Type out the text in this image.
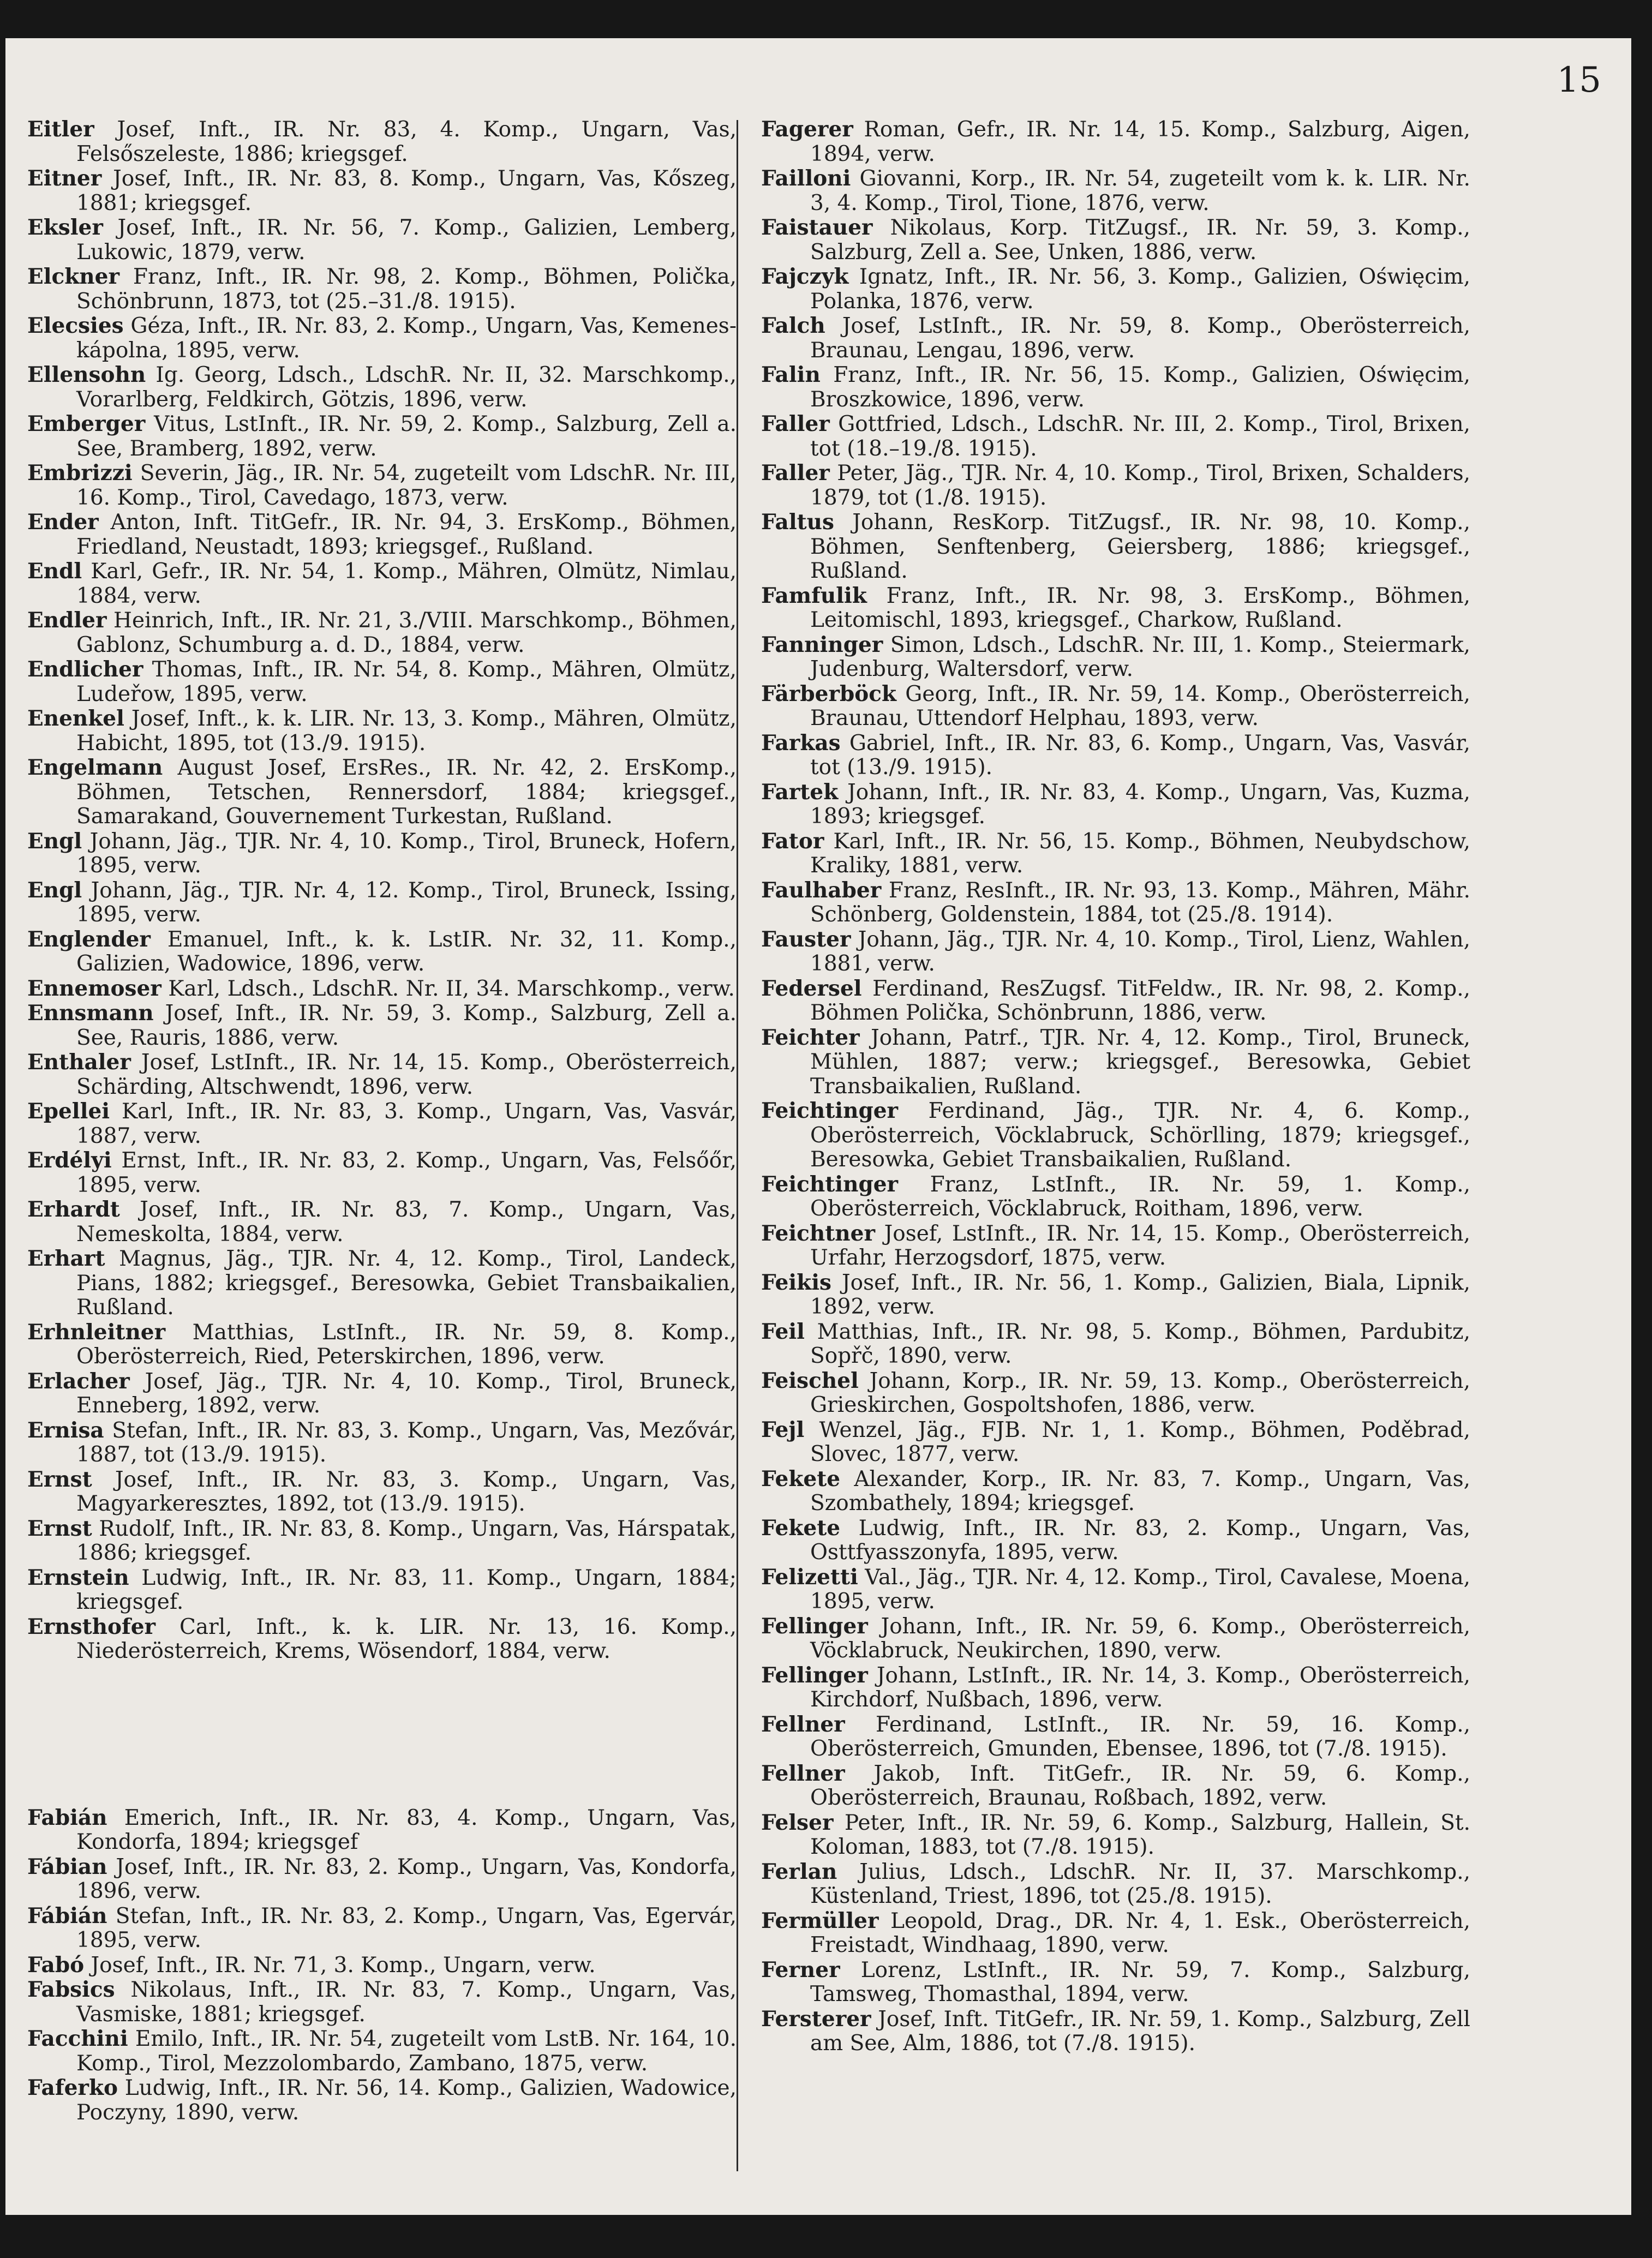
15
Eitler Josef, Inft., IR. Nr. 83, 4. Komp., Ungarn, Vas, Felsőszeleste, 1886; kriegsgef.
Eitner Josef, Inft., IR. Nr. 83, 8. Komp., Ungarn, Vas, Kőszeg, 1881; kriegsgef.
Eksler Josef, Inft., IR. Nr. 56, 7. Komp., Galizien, Lemberg, Lukowic, 1879, verw.
Elckner Franz, Inft., IR. Nr. 98, 2. Komp., Böhmen, Polička, Schönbrunn, 1873, tot (25.–31./8. 1915).
Elecsies Géza, Inft., IR. Nr. 83, 2. Komp., Ungarn, Vas, Kemenes-kápolna, 1895, verw.
Ellensohn Ig. Georg, Ldsch., LdschR. Nr. II, 32. Marschkomp., Vorarlberg, Feldkirch, Götzis, 1896, verw.
Emberger Vitus, LstInft., IR. Nr. 59, 2. Komp., Salzburg, Zell a. See, Bramberg, 1892, verw.
Embrizzi Severin, Jäg., IR. Nr. 54, zugeteilt vom LdschR. Nr. III, 16. Komp., Tirol, Cavedago, 1873, verw.
Ender Anton, Inft. TitGefr., IR. Nr. 94, 3. ErsKomp., Böhmen, Friedland, Neustadt, 1893; kriegsgef., Rußland.
Endl Karl, Gefr., IR. Nr. 54, 1. Komp., Mähren, Olmütz, Nimlau, 1884, verw.
Endler Heinrich, Inft., IR. Nr. 21, 3./VIII. Marschkomp., Böhmen, Gablonz, Schumburg a. d. D., 1884, verw.
Endlicher Thomas, Inft., IR. Nr. 54, 8. Komp., Mähren, Olmütz, Ludeřow, 1895, verw.
Enenkel Josef, Inft., k. k. LIR. Nr. 13, 3. Komp., Mähren, Olmütz, Habicht, 1895, tot (13./9. 1915).
Engelmann August Josef, ErsRes., IR. Nr. 42, 2. ErsKomp., Böhmen, Tetschen, Rennersdorf, 1884; kriegsgef., Samarakand, Gouvernement Turkestan, Rußland.
Engl Johann, Jäg., TJR. Nr. 4, 10. Komp., Tirol, Bruneck, Hofern, 1895, verw.
Engl Johann, Jäg., TJR. Nr. 4, 12. Komp., Tirol, Bruneck, Issing, 1895, verw.
Englender Emanuel, Inft., k. k. LstIR. Nr. 32, 11. Komp., Galizien, Wadowice, 1896, verw.
Ennemoser Karl, Ldsch., LdschR. Nr. II, 34. Marschkomp., verw.
Ennsmann Josef, Inft., IR. Nr. 59, 3. Komp., Salzburg, Zell a. See, Rauris, 1886, verw.
Enthaler Josef, LstInft., IR. Nr. 14, 15. Komp., Oberösterreich, Schärding, Altschwendt, 1896, verw.
Epellei Karl, Inft., IR. Nr. 83, 3. Komp., Ungarn, Vas, Vasvár, 1887, verw.
Erdélyi Ernst, Inft., IR. Nr. 83, 2. Komp., Ungarn, Vas, Felsőőr, 1895, verw.
Erhardt Josef, Inft., IR. Nr. 83, 7. Komp., Ungarn, Vas, Nemeskolta, 1884, verw.
Erhart Magnus, Jäg., TJR. Nr. 4, 12. Komp., Tirol, Landeck, Pians, 1882; kriegsgef., Beresowka, Gebiet Transbaikalien, Rußland.
Erhnleitner Matthias, LstInft., IR. Nr. 59, 8. Komp., Oberösterreich, Ried, Peterskirchen, 1896, verw.
Erlacher Josef, Jäg., TJR. Nr. 4, 10. Komp., Tirol, Bruneck, Enneberg, 1892, verw.
Ernisa Stefan, Inft., IR. Nr. 83, 3. Komp., Ungarn, Vas, Mezővár, 1887, tot (13./9. 1915).
Ernst Josef, Inft., IR. Nr. 83, 3. Komp., Ungarn, Vas, Magyarkeresztes, 1892, tot (13./9. 1915).
Ernst Rudolf, Inft., IR. Nr. 83, 8. Komp., Ungarn, Vas, Hárspatak, 1886; kriegsgef.
Ernstein Ludwig, Inft., IR. Nr. 83, 11. Komp., Ungarn, 1884; kriegsgef.
Ernsthofer Carl, Inft., k. k. LIR. Nr. 13, 16. Komp., Niederösterreich, Krems, Wösendorf, 1884, verw.
Fabián Emerich, Inft., IR. Nr. 83, 4. Komp., Ungarn, Vas, Kondorfa, 1894; kriegsgef
Fábian Josef, Inft., IR. Nr. 83, 2. Komp., Ungarn, Vas, Kondorfa, 1896, verw.
Fábián Stefan, Inft., IR. Nr. 83, 2. Komp., Ungarn, Vas, Egervár, 1895, verw.
Fabó Josef, Inft., IR. Nr. 71, 3. Komp., Ungarn, verw.
Fabsics Nikolaus, Inft., IR. Nr. 83, 7. Komp., Ungarn, Vas, Vasmiske, 1881; kriegsgef.
Facchini Emilo, Inft., IR. Nr. 54, zugeteilt vom LstB. Nr. 164, 10. Komp., Tirol, Mezzolombardo, Zambano, 1875, verw.
Faferko Ludwig, Inft., IR. Nr. 56, 14. Komp., Galizien, Wadowice, Poczyny, 1890, verw.
Fagerer Roman, Gefr., IR. Nr. 14, 15. Komp., Salzburg, Aigen, 1894, verw.
Failloni Giovanni, Korp., IR. Nr. 54, zugeteilt vom k. k. LIR. Nr. 3, 4. Komp., Tirol, Tione, 1876, verw.
Faistauer Nikolaus, Korp. TitZugsf., IR. Nr. 59, 3. Komp., Salzburg, Zell a. See, Unken, 1886, verw.
Fajczyk Ignatz, Inft., IR. Nr. 56, 3. Komp., Galizien, Oświęcim, Polanka, 1876, verw.
Falch Josef, LstInft., IR. Nr. 59, 8. Komp., Oberösterreich, Braunau, Lengau, 1896, verw.
Falin Franz, Inft., IR. Nr. 56, 15. Komp., Galizien, Oświęcim, Broszkowice, 1896, verw.
Faller Gottfried, Ldsch., LdschR. Nr. III, 2. Komp., Tirol, Brixen, tot (18.–19./8. 1915).
Faller Peter, Jäg., TJR. Nr. 4, 10. Komp., Tirol, Brixen, Schalders, 1879, tot (1./8. 1915).
Faltus Johann, ResKorp. TitZugsf., IR. Nr. 98, 10. Komp., Böhmen, Senftenberg, Geiersberg, 1886; kriegsgef., Rußland.
Famfulik Franz, Inft., IR. Nr. 98, 3. ErsKomp., Böhmen, Leitomischl, 1893, kriegsgef., Charkow, Rußland.
Fanninger Simon, Ldsch., LdschR. Nr. III, 1. Komp., Steiermark, Judenburg, Waltersdorf, verw.
Färberböck Georg, Inft., IR. Nr. 59, 14. Komp., Oberösterreich, Braunau, Uttendorf Helphau, 1893, verw.
Farkas Gabriel, Inft., IR. Nr. 83, 6. Komp., Ungarn, Vas, Vasvár, tot (13./9. 1915).
Fartek Johann, Inft., IR. Nr. 83, 4. Komp., Ungarn, Vas, Kuzma, 1893; kriegsgef.
Fator Karl, Inft., IR. Nr. 56, 15. Komp., Böhmen, Neubydschow, Kraliky, 1881, verw.
Faulhaber Franz, ResInft., IR. Nr. 93, 13. Komp., Mähren, Mähr. Schönberg, Goldenstein, 1884, tot (25./8. 1914).
Fauster Johann, Jäg., TJR. Nr. 4, 10. Komp., Tirol, Lienz, Wahlen, 1881, verw.
Federsel Ferdinand, ResZugsf. TitFeldw., IR. Nr. 98, 2. Komp., Böhmen Polička, Schönbrunn, 1886, verw.
Feichter Johann, Patrf., TJR. Nr. 4, 12. Komp., Tirol, Bruneck, Mühlen, 1887; verw.; kriegsgef., Beresowka, Gebiet Transbaikalien, Rußland.
Feichtinger Ferdinand, Jäg., TJR. Nr. 4, 6. Komp., Oberösterreich, Vöcklabruck, Schörlling, 1879; kriegsgef., Beresowka, Gebiet Transbaikalien, Rußland.
Feichtinger Franz, LstInft., IR. Nr. 59, 1. Komp., Oberösterreich, Vöcklabruck, Roitham, 1896, verw.
Feichtner Josef, LstInft., IR. Nr. 14, 15. Komp., Oberösterreich, Urfahr, Herzogsdorf, 1875, verw.
Feikis Josef, Inft., IR. Nr. 56, 1. Komp., Galizien, Biala, Lipnik, 1892, verw.
Feil Matthias, Inft., IR. Nr. 98, 5. Komp., Böhmen, Pardubitz, Sopřč, 1890, verw.
Feischel Johann, Korp., IR. Nr. 59, 13. Komp., Oberösterreich, Grieskirchen, Gospoltshofen, 1886, verw.
Fejl Wenzel, Jäg., FJB. Nr. 1, 1. Komp., Böhmen, Poděbrad, Slovec, 1877, verw.
Fekete Alexander, Korp., IR. Nr. 83, 7. Komp., Ungarn, Vas, Szombathely, 1894; kriegsgef.
Fekete Ludwig, Inft., IR. Nr. 83, 2. Komp., Ungarn, Vas, Osttfyasszonyfa, 1895, verw.
Felizetti Val., Jäg., TJR. Nr. 4, 12. Komp., Tirol, Cavalese, Moena, 1895, verw.
Fellinger Johann, Inft., IR. Nr. 59, 6. Komp., Oberösterreich, Vöcklabruck, Neukirchen, 1890, verw.
Fellinger Johann, LstInft., IR. Nr. 14, 3. Komp., Oberösterreich, Kirchdorf, Nußbach, 1896, verw.
Fellner Ferdinand, LstInft., IR. Nr. 59, 16. Komp., Oberösterreich, Gmunden, Ebensee, 1896, tot (7./8. 1915).
Fellner Jakob, Inft. TitGefr., IR. Nr. 59, 6. Komp., Oberösterreich, Braunau, Roßbach, 1892, verw.
Felser Peter, Inft., IR. Nr. 59, 6. Komp., Salzburg, Hallein, St. Koloman, 1883, tot (7./8. 1915).
Ferlan Julius, Ldsch., LdschR. Nr. II, 37. Marschkomp., Küstenland, Triest, 1896, tot (25./8. 1915).
Fermüller Leopold, Drag., DR. Nr. 4, 1. Esk., Oberösterreich, Freistadt, Windhaag, 1890, verw.
Ferner Lorenz, LstInft., IR. Nr. 59, 7. Komp., Salzburg, Tamsweg, Thomasthal, 1894, verw.
Fersterer Josef, Inft. TitGefr., IR. Nr. 59, 1. Komp., Salzburg, Zell am See, Alm, 1886, tot (7./8. 1915).
